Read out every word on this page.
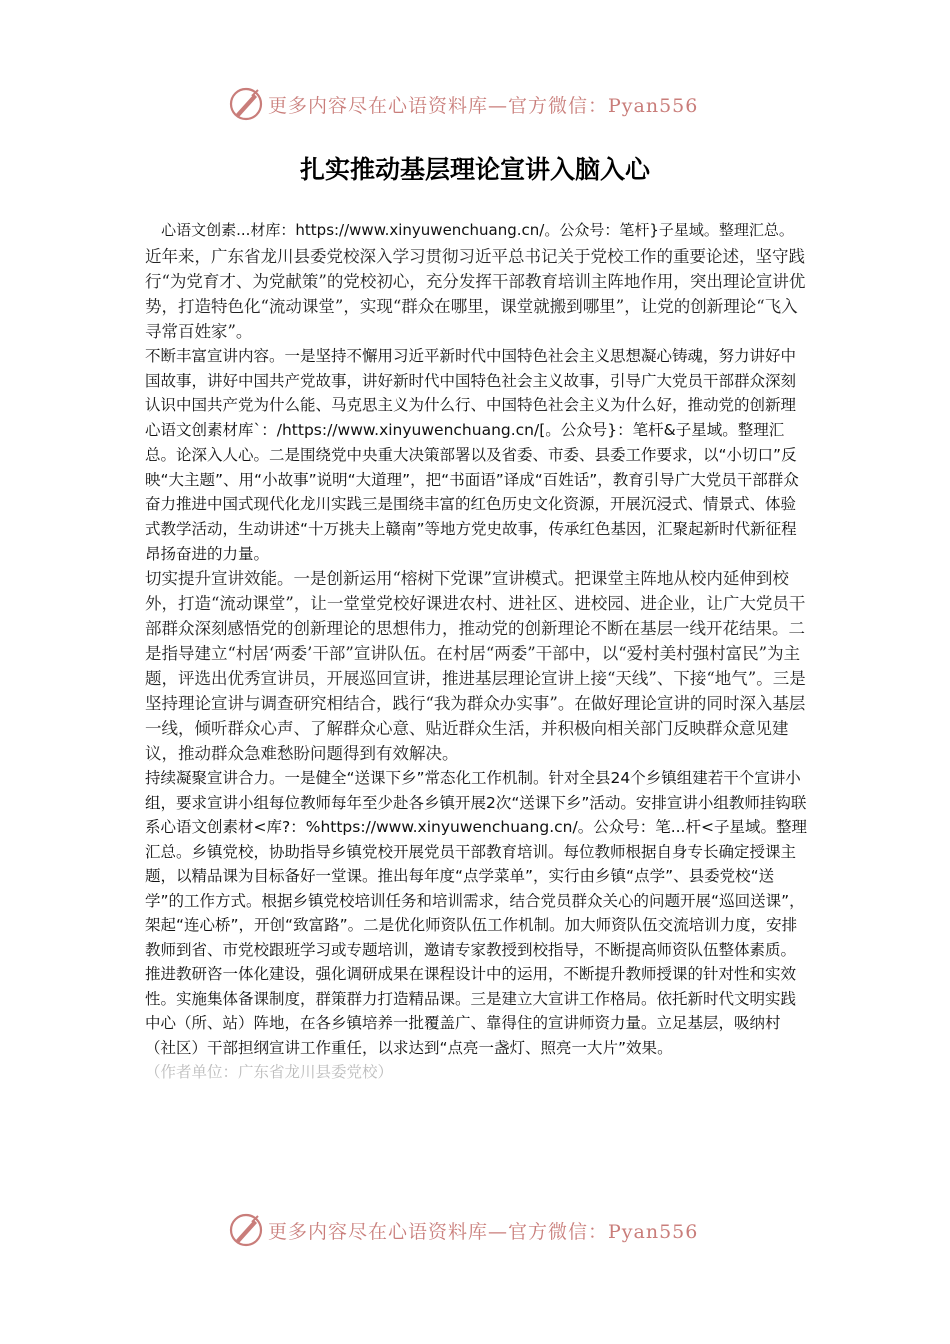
更多内容尽在心语资料库—官方微信：Pyan556
扎实推动基层理论宣讲入脑入心

心语文创素...材库：https://www.xinyuwenchuang.cn/。公众号：笔杆}子星域。整理汇总。

近年来，广东省龙川县委党校深入学习贯彻习近平总书记关于党校工作的重要论述，坚守践行“为党育才、为党献策”的党校初心，充分发挥干部教育培训主阵地作用，突出理论宣讲优势，打造特色化“流动课堂”，实现“群众在哪里，课堂就搬到哪里”，让党的创新理论“飞入寻常百姓家”。

不断丰富宣讲内容。一是坚持不懈用习近平新时代中国特色社会主义思想凝心铸魂，努力讲好中国故事，讲好中国共产党故事，讲好新时代中国特色社会主义故事，引导广大党员干部群众深刻认识中国共产党为什么能、马克思主义为什么行、中国特色社会主义为什么好，推动党的创新理心语文创素材库`：/https://www.xinyuwenchuang.cn/[。公众号}：笔杆&子星域。整理汇总。论深入人心。二是围绕党中央重大决策部署以及省委、市委、县委工作要求，以“小切口”反映“大主题”、用“小故事”说明“大道理”，把“书面语”译成“百姓话”，教育引导广大党员干部群众奋力推进中国式现代化龙川实践三是围绕丰富的红色历史文化资源，开展沉浸式、情景式、体验式教学活动，生动讲述“十万挑夫上赣南”等地方党史故事，传承红色基因，汇聚起新时代新征程昂扬奋进的力量。

切实提升宣讲效能。一是创新运用“榕树下党课”宣讲模式。把课堂主阵地从校内延伸到校外，打造“流动课堂”，让一堂堂党校好课进农村、进社区、进校园、进企业，让广大党员干部群众深刻感悟党的创新理论的思想伟力，推动党的创新理论不断在基层一线开花结果。二是指导建立“村居‘两委’干部”宣讲队伍。在村居“两委”干部中，以“爱村美村强村富民”为主题，评选出优秀宣讲员，开展巡回宣讲，推进基层理论宣讲上接“天线”、下接“地气”。三是坚持理论宣讲与调查研究相结合，践行“我为群众办实事”。在做好理论宣讲的同时深入基层一线，倾听群众心声、了解群众心意、贴近群众生活，并积极向相关部门反映群众意见建议，推动群众急难愁盼问题得到有效解决。

持续凝聚宣讲合力。一是健全“送课下乡”常态化工作机制。针对全县24个乡镇组建若干个宣讲小组，要求宣讲小组每位教师每年至少赴各乡镇开展2次“送课下乡”活动。安排宣讲小组教师挂钩联系心语文创素材<库?：%https://www.xinyuwenchuang.cn/。公众号：笔...杆<子星域。整理汇总。乡镇党校，协助指导乡镇党校开展党员干部教育培训。每位教师根据自身专长确定授课主题，以精品课为目标备好一堂课。推出每年度“点学菜单”，实行由乡镇“点学”、县委党校“送学”的工作方式。根据乡镇党校培训任务和培训需求，结合党员群众关心的问题开展“巡回送课”，架起“连心桥”，开创“致富路”。二是优化师资队伍工作机制。加大师资队伍交流培训力度，安排教师到省、市党校跟班学习或专题培训，邀请专家教授到校指导，不断提高师资队伍整体素质。推进教研咨一体化建设，强化调研成果在课程设计中的运用，不断提升教师授课的针对性和实效性。实施集体备课制度，群策群力打造精品课。三是建立大宣讲工作格局。依托新时代文明实践中心（所、站）阵地，在各乡镇培养一批覆盖广、靠得住的宣讲师资力量。立足基层，吸纳村（社区）干部担纲宣讲工作重任，以求达到“点亮一盏灯、照亮一大片”效果。

（作者单位：广东省龙川县委党校）

更多内容尽在心语资料库—官方微信：Pyan556
